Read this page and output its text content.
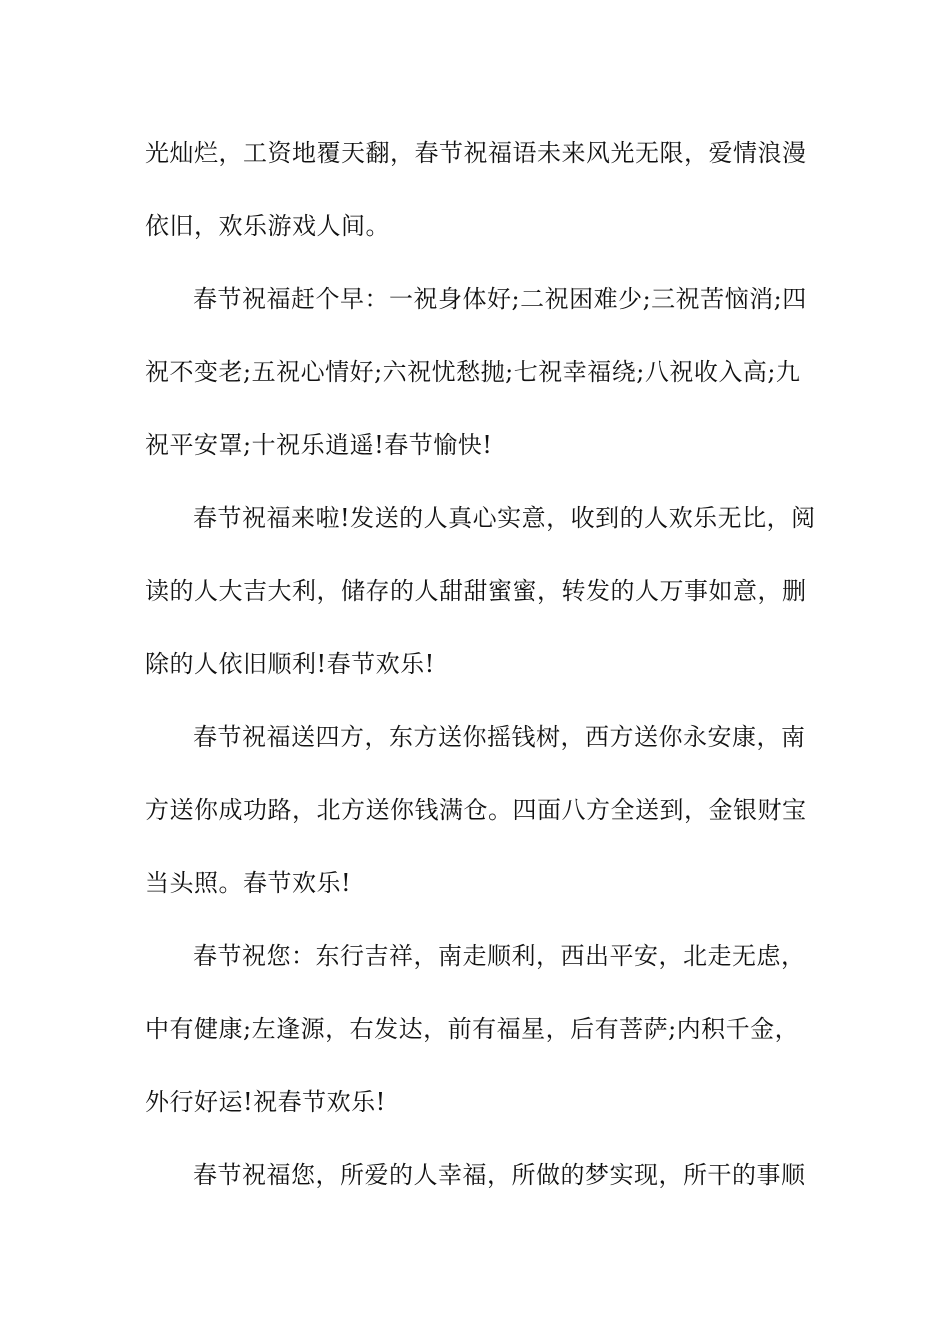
光灿烂，工资地覆天翻，春节祝福语未来风光无限，爱情浪漫
依旧，欢乐游戏人间。
春节祝福赶个早：一祝身体好;二祝困难少;三祝苦恼消;四
祝不变老;五祝心情好;六祝忧愁抛;七祝幸福绕;八祝收入高;九
祝平安罩;十祝乐逍遥!春节愉快!
春节祝福来啦!发送的人真心实意，收到的人欢乐无比，阅
读的人大吉大利，储存的人甜甜蜜蜜，转发的人万事如意，删
除的人依旧顺利!春节欢乐!
春节祝福送四方，东方送你摇钱树，西方送你永安康，南
方送你成功路，北方送你钱满仓。四面八方全送到，金银财宝
当头照。春节欢乐!
春节祝您：东行吉祥，南走顺利，西出平安，北走无虑，
中有健康;左逢源，右发达，前有福星，后有菩萨;内积千金，
外行好运!祝春节欢乐!
春节祝福您，所爱的人幸福，所做的梦实现，所干的事顺
